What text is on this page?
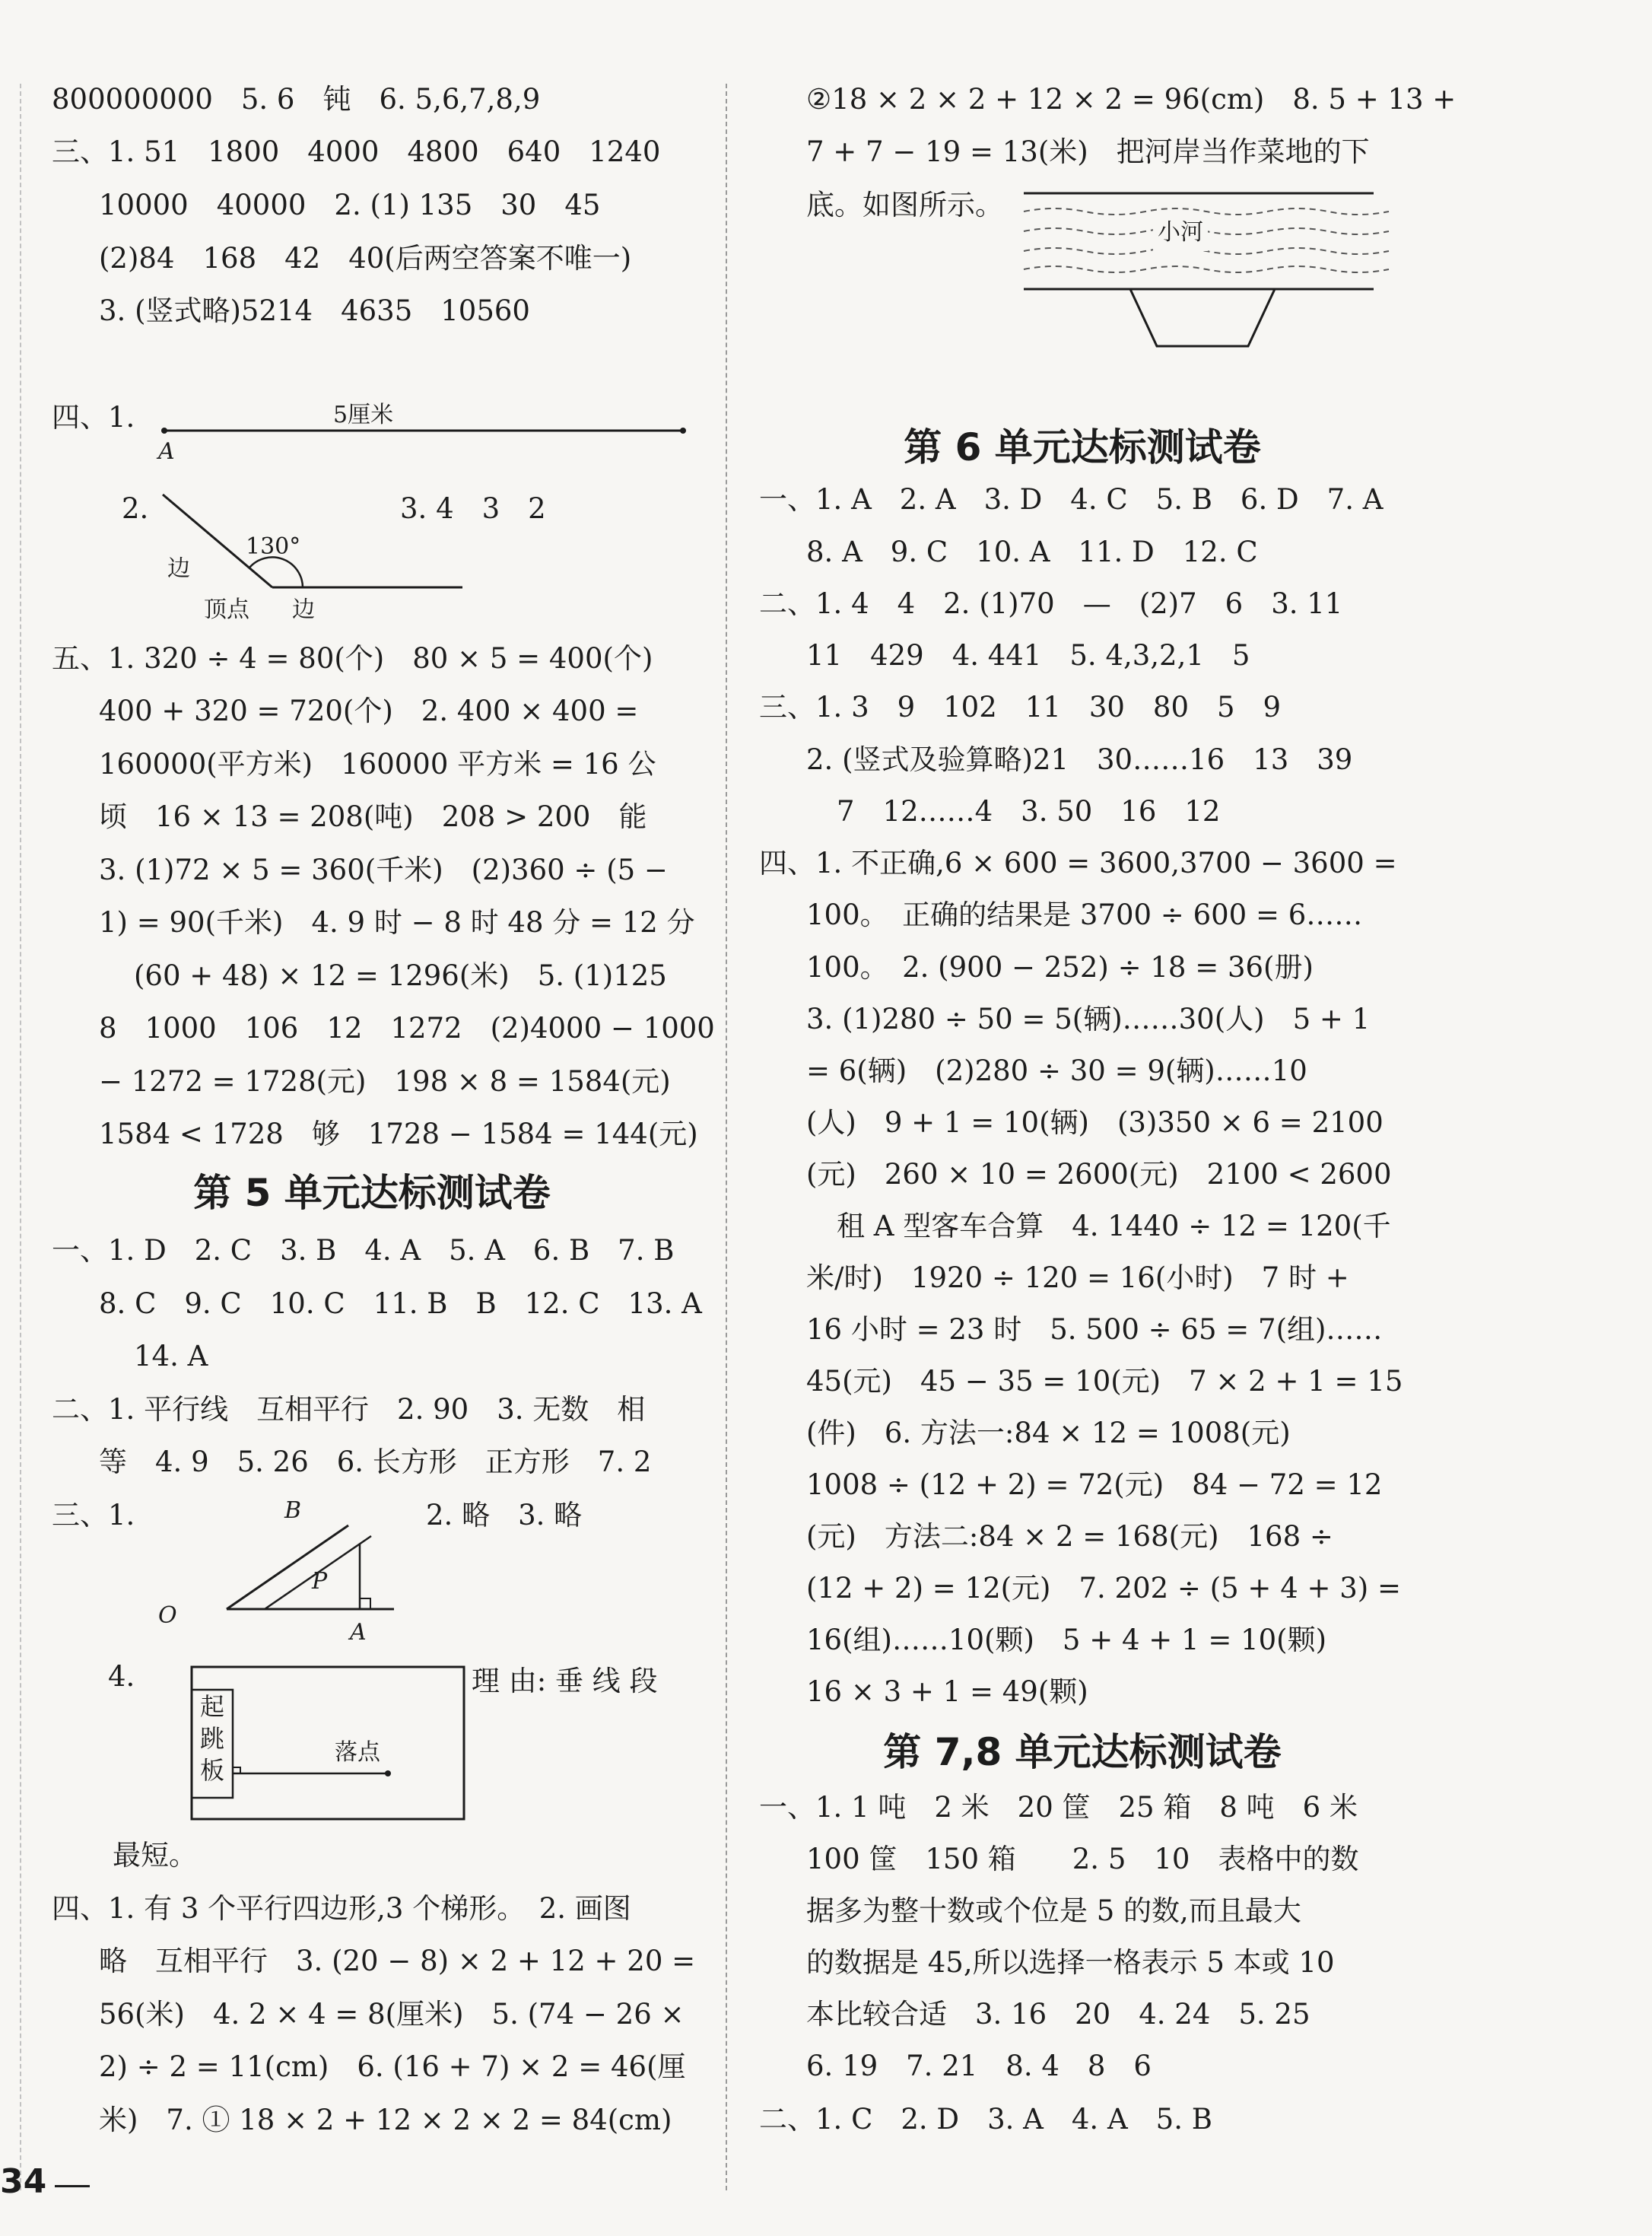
800000000　5. 6　钝　6. 5,6,7,8,9
三、1. 51　1800　4000　4800　640　1240
10000　40000　2. (1) 135　30　45
(2)84　168　42　40(后两空答案不唯一)
3. (竖式略)5214　4635　10560
四、1.	5厘米
A
2.	3. 4　3　2
130°
边
顶点 边
五、1. 320 ÷ 4 = 80(个)　80 × 5 = 400(个)
400 + 320 = 720(个)　2. 400 × 400 =
160000(平方米)　160000 平方米 = 16 公
顷　16 × 13 = 208(吨)　208 > 200　能
3. (1)72 × 5 = 360(千米)　(2)360 ÷ (5 −
1) = 90(千米)　4. 9 时 − 8 时 48 分 = 12 分
(60 + 48) × 12 = 1296(米)　5. (1)125
8　1000　106　12　1272　(2)4000 − 1000
− 1272 = 1728(元)　198 × 8 = 1584(元)
1584 < 1728　够　1728 − 1584 = 144(元)
第 5 单元达标测试卷
一、1. D　2. C　3. B　4. A　5. A　6. B　7. B
8. C　9. C　10. C　11. B　B　12. C　13. A
14. A
二、1. 平行线　互相平行　2. 90　3. 无数　相
等　4. 9　5. 26　6. 长方形　正方形　7. 2
三、1.	B
P
O
A
2. 略　3. 略
4.
起跳板
落点
理 由: 垂 线 段
最短。
四、1. 有 3 个平行四边形,3 个梯形。　2. 画图
略　互相平行　3. (20 − 8) × 2 + 12 + 20 =
56(米)　4. 2 × 4 = 8(厘米)　5. (74 − 26 ×
2) ÷ 2 = 11(cm)　6. (16 + 7) × 2 = 46(厘
米)　7. ① 18 × 2 + 12 × 2 × 2 = 84(cm)
②18 × 2 × 2 + 12 × 2 = 96(cm)　8. 5 + 13 +
7 + 7 − 19 = 13(米)　把河岸当作菜地的下
底。如图所示。
小河
第 6 单元达标测试卷
一、1. A　2. A　3. D　4. C　5. B　6. D　7. A
8. A　9. C　10. A　11. D　12. C
二、1. 4　4　2. (1)70　—　(2)7　6　3. 11
11　429　4. 441　5. 4,3,2,1　5
三、1. 3　9　102　11　30　80　5　9
2. (竖式及验算略)21　30……16　13　39
7　12……4　3. 50　16　12
四、1. 不正确,6 × 600 = 3600,3700 − 3600 =
100。　正确的结果是 3700 ÷ 600 = 6……
100。　2. (900 − 252) ÷ 18 = 36(册)
3. (1)280 ÷ 50 = 5(辆)……30(人)　5 + 1
= 6(辆)　(2)280 ÷ 30 = 9(辆)……10
(人)　9 + 1 = 10(辆)　(3)350 × 6 = 2100
(元)　260 × 10 = 2600(元)　2100 < 2600
租 A 型客车合算　4. 1440 ÷ 12 = 120(千
米/时)　1920 ÷ 120 = 16(小时)　7 时 +
16 小时 = 23 时　5. 500 ÷ 65 = 7(组)……
45(元)　45 − 35 = 10(元)　7 × 2 + 1 = 15
(件)　6. 方法一:84 × 12 = 1008(元)
1008 ÷ (12 + 2) = 72(元)　84 − 72 = 12
(元)　方法二:84 × 2 = 168(元)　168 ÷
(12 + 2) = 12(元)　7. 202 ÷ (5 + 4 + 3) =
16(组)……10(颗)　5 + 4 + 1 = 10(颗)
16 × 3 + 1 = 49(颗)
第 7,8 单元达标测试卷
一、1. 1 吨　2 米　20 筐　25 箱　8 吨　6 米
100 筐　150 箱　　2. 5　10　表格中的数
据多为整十数或个位是 5 的数,而且最大
的数据是 45,所以选择一格表示 5 本或 10
本比较合适　3. 16　20　4. 24　5. 25
6. 19　7. 21　8. 4　8　6
二、1. C　2. D　3. A　4. A　5. B
34
